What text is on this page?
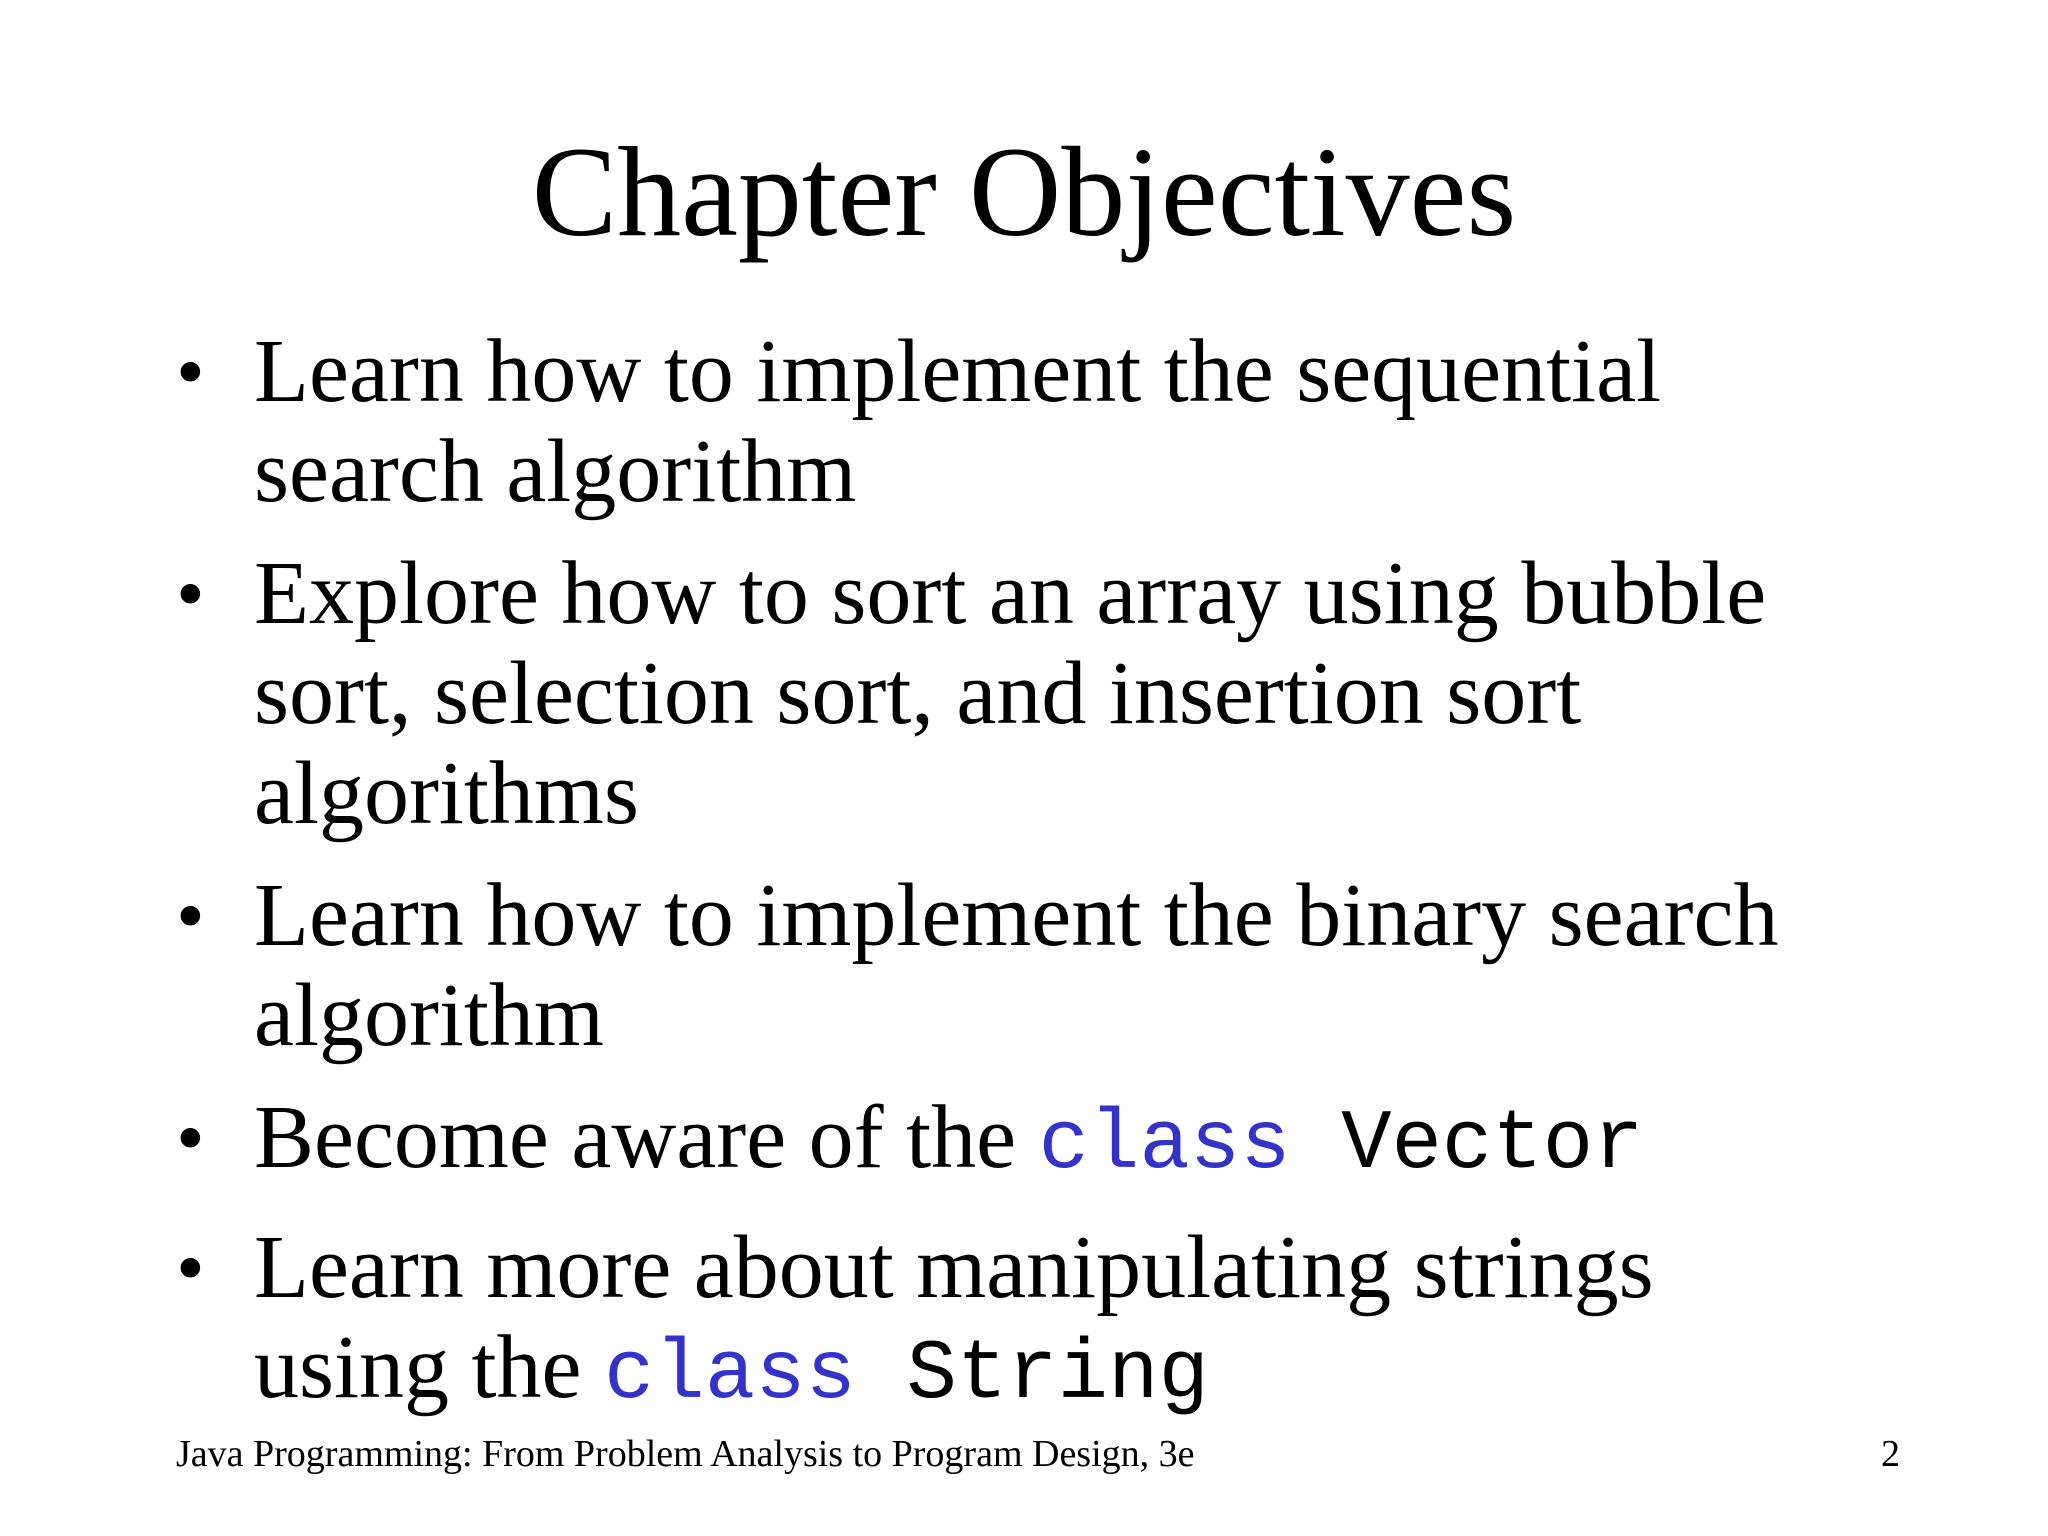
Chapter Objectives
• Learn how to implement the sequential
search algorithm
• Explore how to sort an array using bubble
sort, selection sort, and insertion sort
algorithms
• Learn how to implement the binary search
algorithm
• Become aware of the class Vector
• Learn more about manipulating strings
using the class String
Java Programming: From Problem Analysis to Program Design, 3e	2
